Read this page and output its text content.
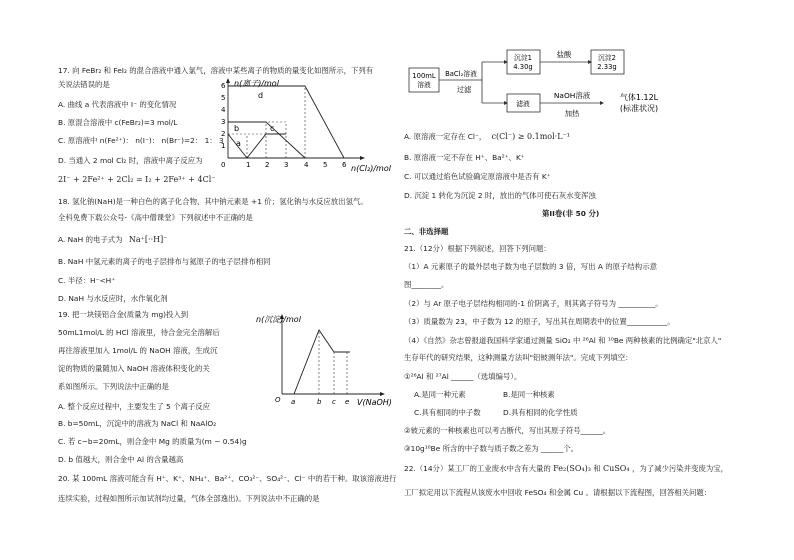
17. 向 FeBr₂ 和 FeI₂ 的混合溶液中通入氯气，溶液中某些离子的物质的量变化如图所示，下列有
关说法错误的是
A. 曲线 a 代表溶液中 I⁻ 的变化情况
B. 原混合溶液中 c(FeBr₂)=3 mol/L
C. 原溶液中 n(Fe²⁺)： n(I⁻)： n(Br⁻)=2： 1： 3
D. 当通入 2 mol Cl₂ 时，溶液中离子反应为
2I⁻ + 2Fe²⁺ + 2Cl₂ = I₂ + 2Fe³⁺ + 4Cl⁻
n(离子)/mol
n(Cl₂)/mol
0	1 2 3 4 5 6
1
2
3
4
5
6
a
b	c
d
18. 氢化钠(NaH)是一种白色的离子化合物，其中钠元素是 +1 价；氢化钠与水反应放出氢气。
全科免费下载公众号-《高中僧课堂》下列叙述中不正确的是
A. NaH 的电子式为 Na⁺[··H]⁻
B. NaH 中氢元素的离子的电子层排布与氦原子的电子层排布相同
C. 半径：H⁻<H⁺
D. NaH 与水反应时，水作氧化剂
19. 把一块镁铝合金(质量为 mg)投入到
50mL1mol/L 的 HCl 溶液里，待合金完全溶解后
再往溶液里加入 1mol/L 的 NaOH 溶液，生成沉
淀的物质的量随加入 NaOH 溶液体积变化的关
系如图所示。下列说法中正确的是
A. 整个反应过程中，主要发生了 5 个离子反应
B. b=50mL，沉淀中的溶液为 NaCl 和 NaAlO₂
C. 若 c−b=20mL，则合金中 Mg 的质量为(m − 0.54)g
D. b 值越大，则合金中 Al 的含量越高
n(沉淀)/mol
V(NaOH)
O a	b c e
20. 某 100mL 溶液可能含有 H⁺、K⁺、NH₄⁺、Ba²⁺、CO₃²⁻、SO₄²⁻、Cl⁻ 中的若干种。取该溶液进行
连续实验，过程如图所示加试剂均过量，气体全部逸出)。下列说法中不正确的是
100mL
溶液
BaCl₂溶液
过滤
沉淀1
4.30g
盐酸	沉淀2
2.33g
滤液
NaOH溶液
加热
气体1.12L
(标准状况)
A. 原溶液一定存在 Cl⁻， c(Cl⁻) ≥ 0.1mol·L⁻¹
B. 原溶液一定不存在 H⁺、Ba²⁺、K⁺
C. 可以通过焰色试验确定原溶液中是否有 K⁺
D. 沉淀 1 转化为沉淀 2 时，放出的气体可使石灰水变浑浊
第II卷(非 50 分)
二、非选择题
21.（12分）根据下列叙述，回答下列问题：
（1）A 元素原子的最外层电子数为电子层数的 3 倍，写出 A 的原子结构示意
图________。
（2）与 Ar 原子电子层结构相同的-1 价阴离子，则其离子符号为 __________。
（3）质量数为 23，中子数为 12 的原子，写出其在周期表中的位置___________。
（4）《自然》杂志曾报道我国科学家通过测量 SiO₂ 中 ²⁶Al 和 ¹⁰Be 两种核素的比例确定"北京人"
生存年代的研究结果，这种测量方法叫"铝铍测年法"。完成下列填空：
①²⁶Al 和 ²⁷Al ______（选填编号）。
A.是同一种元素	B.是同一种核素
C.具有相同的中子数	D.具有相同的化学性质
②铍元素的一种核素也可以考古断代，写出其原子符号______。
③10g¹⁰Be 所含的中子数与质子数之差为 ______个。
22.（14分）某工厂的工业废水中含有大量的 Fe₂(SO₄)₃ 和 CuSO₄ ，为了减少污染并变废为宝，
工厂拟定用以下流程从该废水中回收 FeSO₄ 和金属 Cu 。请根据以下流程图，回答相关问题：
